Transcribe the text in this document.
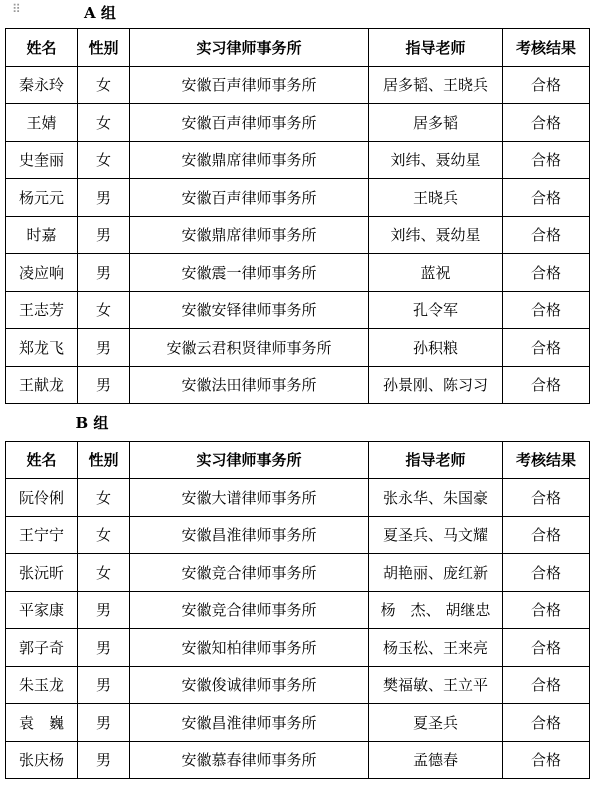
⠿	A 组
姓名	性别	实习律师事务所	指导老师	考核结果
秦永玲	女	安徽百声律师事务所	居多韬、王晓兵	合格
王婧	女	安徽百声律师事务所	居多韬	合格
史奎丽	女	安徽鼎席律师事务所	刘纬、聂幼星	合格
杨元元	男	安徽百声律师事务所	王晓兵	合格
时嘉	男	安徽鼎席律师事务所	刘纬、聂幼星	合格
凌应响	男	安徽震一律师事务所	蓝祝	合格
王志芳	女	安徽安铎律师事务所	孔令军	合格
郑龙飞	男	安徽云君积贤律师事务所	孙积粮	合格
王献龙	男	安徽法田律师事务所	孙景刚、陈习习	合格
B 组				
姓名	性别	实习律师事务所	指导老师	考核结果
阮伶俐	女	安徽大谱律师事务所	张永华、朱国豪	合格
王宁宁	女	安徽昌淮律师事务所	夏圣兵、马文耀	合格
张沅昕	女	安徽竞合律师事务所	胡艳丽、庞红新	合格
平家康	男	安徽竞合律师事务所	杨　杰、 胡继忠	合格
郭子奇	男	安徽知柏律师事务所	杨玉松、王来亮	合格
朱玉龙	男	安徽俊诚律师事务所	樊福敏、王立平	合格
袁　巍	男	安徽昌淮律师事务所	夏圣兵	合格
张庆杨	男	安徽慕春律师事务所	孟德春	合格
